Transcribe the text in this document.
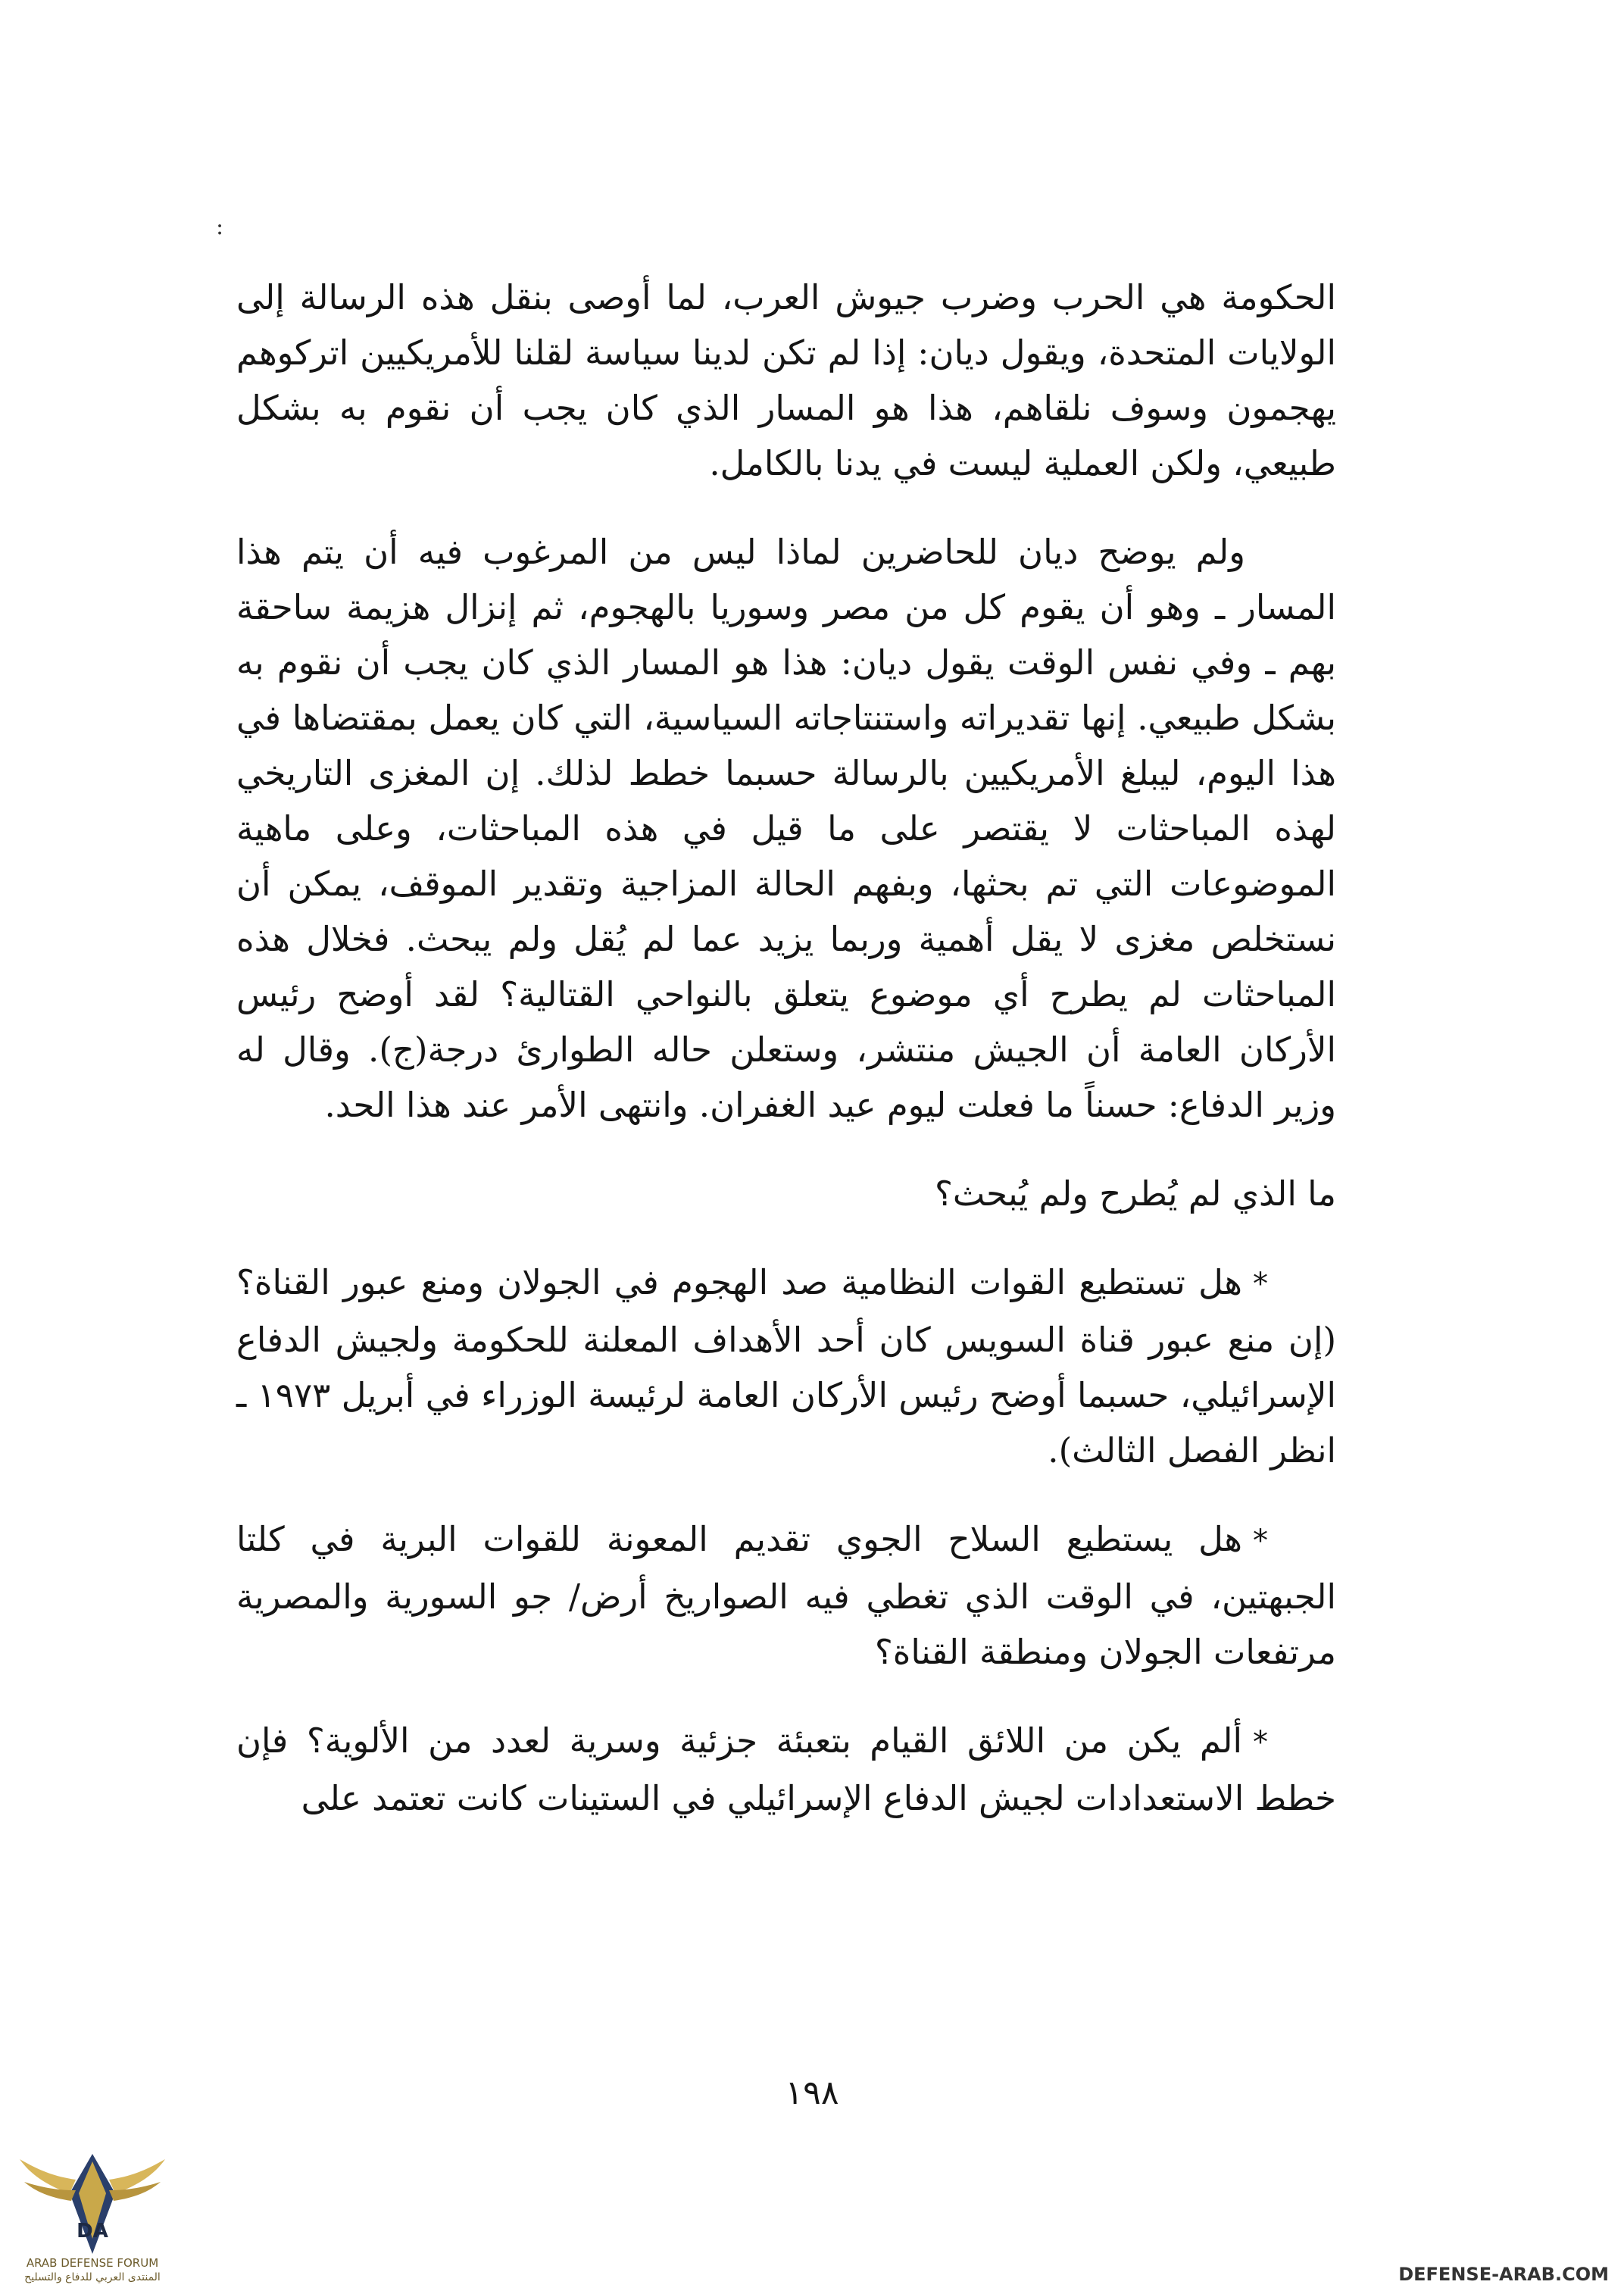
:

الحكومة هي الحرب وضرب جيوش العرب، لما أوصى بنقل هذه الرسالة إلى الولايات المتحدة، ويقول ديان: إذا لم تكن لدينا سياسة لقلنا للأمريكيين اتركوهم يهجمون وسوف نلقاهم، هذا هو المسار الذي كان يجب أن نقوم به بشكل طبيعي، ولكن العملية ليست في يدنا بالكامل.

ولم يوضح ديان للحاضرين لماذا ليس من المرغوب فيه أن يتم هذا المسار ـ وهو أن يقوم كل من مصر وسوريا بالهجوم، ثم إنزال هزيمة ساحقة بهم ـ وفي نفس الوقت يقول ديان: هذا هو المسار الذي كان يجب أن نقوم به بشكل طبيعي. إنها تقديراته واستنتاجاته السياسية، التي كان يعمل بمقتضاها في هذا اليوم، ليبلغ الأمريكيين بالرسالة حسبما خطط لذلك. إن المغزى التاريخي لهذه المباحثات لا يقتصر على ما قيل في هذه المباحثات، وعلى ماهية الموضوعات التي تم بحثها، وبفهم الحالة المزاجية وتقدير الموقف، يمكن أن نستخلص مغزى لا يقل أهمية وربما يزيد عما لم يُقل ولم يبحث. فخلال هذه المباحثات لم يطرح أي موضوع يتعلق بالنواحي القتالية؟ لقد أوضح رئيس الأركان العامة أن الجيش منتشر، وستعلن حاله الطوارئ درجة(ج). وقال له وزير الدفاع: حسناً ما فعلت ليوم عيد الغفران. وانتهى الأمر عند هذا الحد.

ما الذي لم يُطرح ولم يُبحث؟

*هل تستطيع القوات النظامية صد الهجوم في الجولان ومنع عبور القناة؟ (إن منع عبور قناة السويس كان أحد الأهداف المعلنة للحكومة ولجيش الدفاع الإسرائيلي، حسبما أوضح رئيس الأركان العامة لرئيسة الوزراء في أبريل ١٩٧٣ ـ انظر الفصل الثالث).

*هل يستطيع السلاح الجوي تقديم المعونة للقوات البرية في كلتا الجبهتين، في الوقت الذي تغطي فيه الصواريخ أرض/ جو السورية والمصرية مرتفعات الجولان ومنطقة القناة؟

*ألم يكن من اللائق القيام بتعبئة جزئية وسرية لعدد من الألوية؟ فإن خطط الاستعدادات لجيش الدفاع الإسرائيلي في الستينات كانت تعتمد على

١٩٨
DA
ARAB DEFENSE FORUM
المنتدى العربي للدفاع والتسليح	DEFENSE-ARAB.COM
